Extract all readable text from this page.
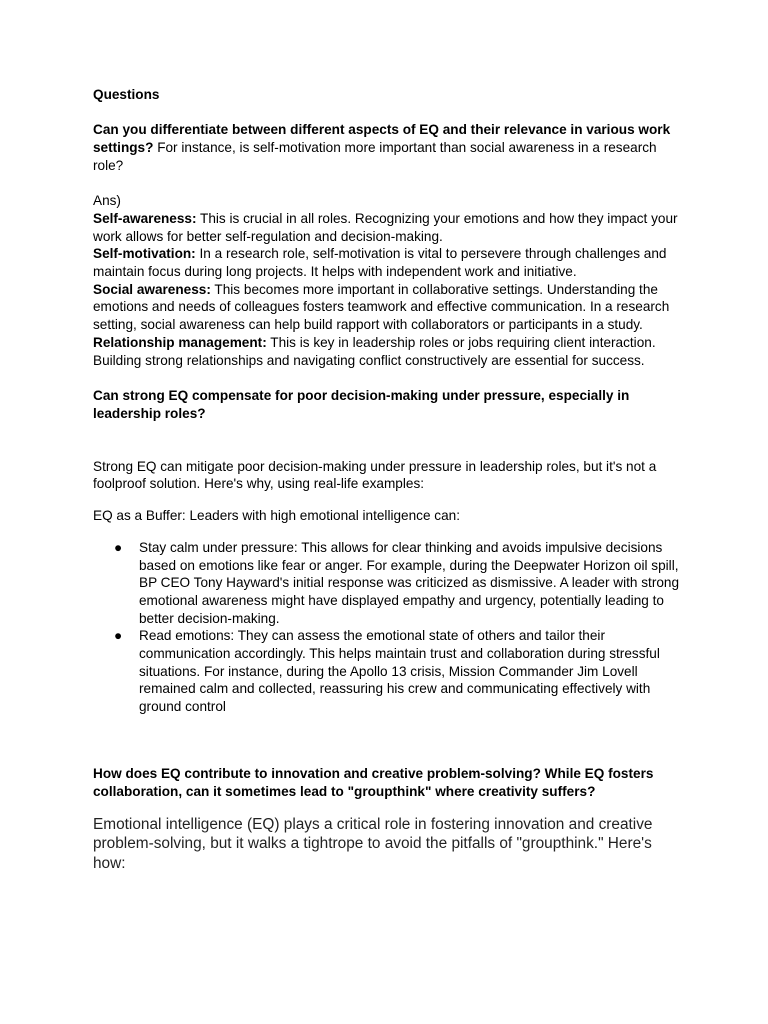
Questions

Can you differentiate between different aspects of EQ and their relevance in various work settings? For instance, is self-motivation more important than social awareness in a research role?

Ans)

Self-awareness: This is crucial in all roles. Recognizing your emotions and how they impact your work allows for better self-regulation and decision-making.

Self-motivation: In a research role, self-motivation is vital to persevere through challenges and maintain focus during long projects. It helps with independent work and initiative.

Social awareness: This becomes more important in collaborative settings. Understanding the emotions and needs of colleagues fosters teamwork and effective communication. In a research setting, social awareness can help build rapport with collaborators or participants in a study.

Relationship management: This is key in leadership roles or jobs requiring client interaction. Building strong relationships and navigating conflict constructively are essential for success.

Can strong EQ compensate for poor decision-making under pressure, especially in leadership roles?

Strong EQ can mitigate poor decision-making under pressure in leadership roles, but it's not a foolproof solution. Here's why, using real-life examples:

EQ as a Buffer: Leaders with high emotional intelligence can:

● Stay calm under pressure: This allows for clear thinking and avoids impulsive decisions based on emotions like fear or anger. For example, during the Deepwater Horizon oil spill, BP CEO Tony Hayward's initial response was criticized as dismissive. A leader with strong emotional awareness might have displayed empathy and urgency, potentially leading to better decision-making.
● Read emotions: They can assess the emotional state of others and tailor their communication accordingly. This helps maintain trust and collaboration during stressful situations. For instance, during the Apollo 13 crisis, Mission Commander Jim Lovell remained calm and collected, reassuring his crew and communicating effectively with ground control

How does EQ contribute to innovation and creative problem-solving? While EQ fosters collaboration, can it sometimes lead to "groupthink" where creativity suffers?

Emotional intelligence (EQ) plays a critical role in fostering innovation and creative problem-solving, but it walks a tightrope to avoid the pitfalls of "groupthink." Here's how:
